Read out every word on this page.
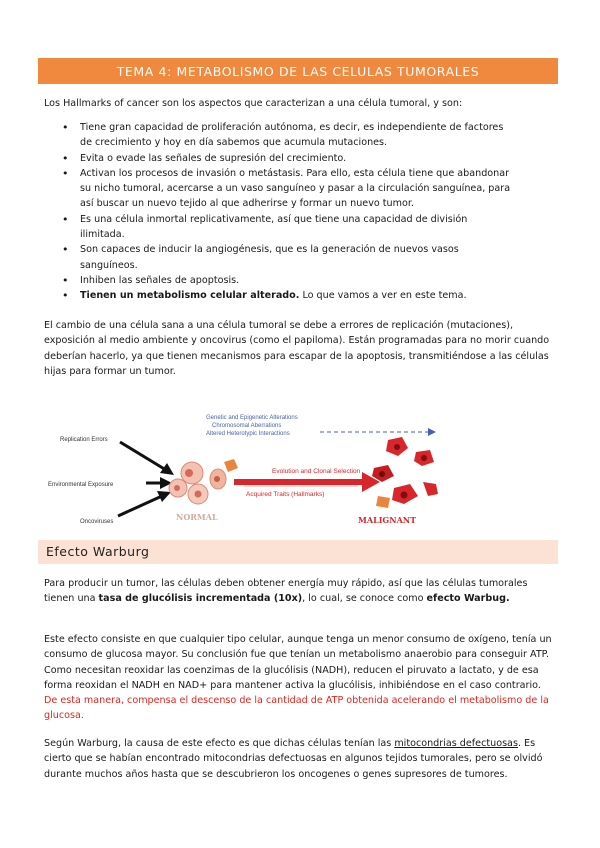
TEMA 4: METABOLISMO DE LAS CELULAS TUMORALES

Los Hallmarks of cancer son los aspectos que caracterizan a una célula tumoral, y son:

• Tiene gran capacidad de proliferación autónoma, es decir, es independiente de factores de crecimiento y hoy en día sabemos que acumula mutaciones.
• Evita o evade las señales de supresión del crecimiento.
• Activan los procesos de invasión o metástasis. Para ello, esta célula tiene que abandonar su nicho tumoral, acercarse a un vaso sanguíneo y pasar a la circulación sanguínea, para así buscar un nuevo tejido al que adherirse y formar un nuevo tumor.
• Es una célula inmortal replicativamente, así que tiene una capacidad de división ilimitada.
• Son capaces de inducir la angiogénesis, que es la generación de nuevos vasos sanguíneos.
• Inhiben las señales de apoptosis.
• Tienen un metabolismo celular alterado. Lo que vamos a ver en este tema.

El cambio de una célula sana a una célula tumoral se debe a errores de replicación (mutaciones), exposición al medio ambiente y oncovirus (como el papiloma). Están programadas para no morir cuando deberían hacerlo, ya que tienen mecanismos para escapar de la apoptosis, transmitiéndose a las células hijas para formar un tumor.

Replication Errors
Environmental Exposure
Oncoviruses
Genetic and Epigenetic Alterations
Chromosomal Aberrations
Altered Heterotypic Interactions
NORMAL
Evolution and Clonal Selection
Acquired Traits (Hallmarks)
MALIGNANT
Efecto Warburg

Para producir un tumor, las células deben obtener energía muy rápido, así que las células tumorales tienen una tasa de glucólisis incrementada (10x), lo cual, se conoce como efecto Warbug.

Este efecto consiste en que cualquier tipo celular, aunque tenga un menor consumo de oxígeno, tenía un consumo de glucosa mayor. Su conclusión fue que tenían un metabolismo anaerobio para conseguir ATP. Como necesitan reoxidar las coenzimas de la glucólisis (NADH), reducen el piruvato a lactato, y de esa forma reoxidan el NADH en NAD+ para mantener activa la glucólisis, inhibiéndose en el caso contrario. De esta manera, compensa el descenso de la cantidad de ATP obtenida acelerando el metabolismo de la glucosa.

Según Warburg, la causa de este efecto es que dichas células tenían las mitocondrias defectuosas. Es cierto que se habían encontrado mitocondrias defectuosas en algunos tejidos tumorales, pero se olvidó durante muchos años hasta que se descubrieron los oncogenes o genes supresores de tumores.
